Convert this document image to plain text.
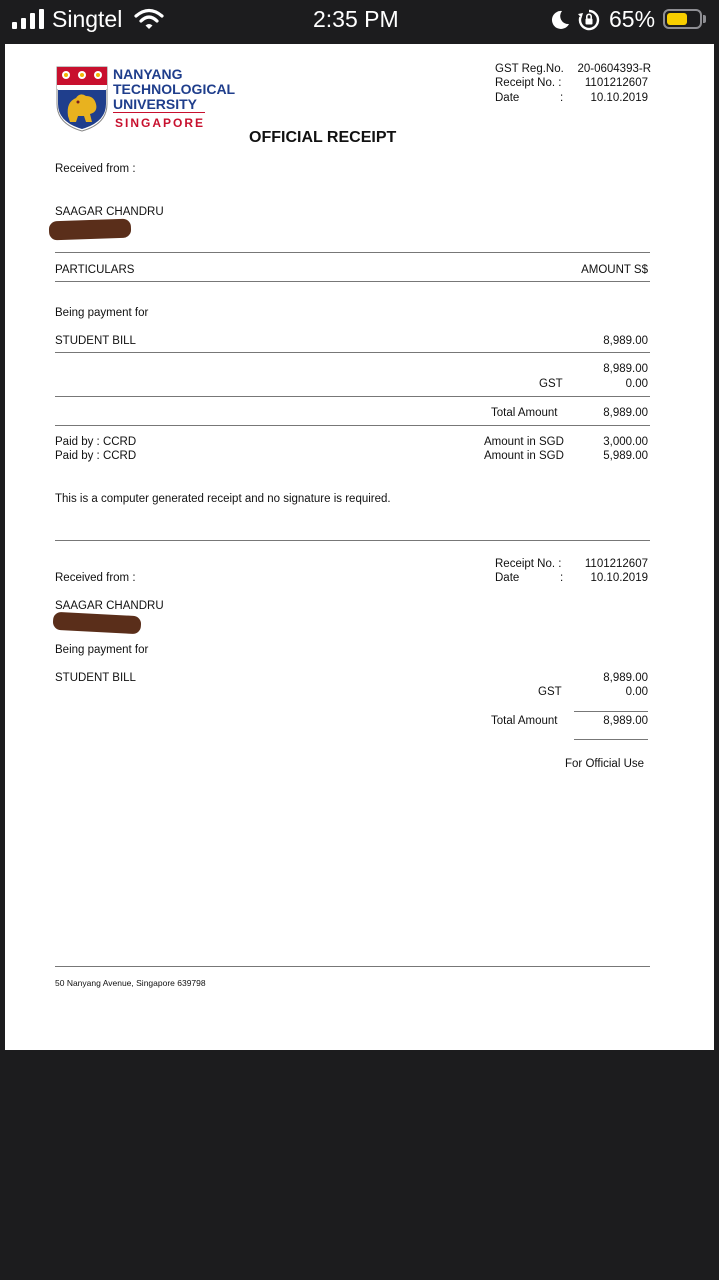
Singtel	2:35 PM	65%
NANYANG
TECHNOLOGICAL
UNIVERSITY
SINGAPORE
GST Reg.No.	20-0604393-R
Receipt No. :	1101212607
Date	:	10.10.2019
OFFICIAL RECEIPT
Received from :
SAAGAR CHANDRU
PARTICULARS	AMOUNT S$
Being payment for
STUDENT BILL	8,989.00
8,989.00
GST	0.00
Total Amount	8,989.00
Paid by : CCRD	Amount in SGD	3,000.00
Paid by : CCRD	Amount in SGD	5,989.00
This is a computer generated receipt and no signature is required.
Receipt No. :	1101212607
Date	:	10.10.2019
Received from :
SAAGAR CHANDRU
Being payment for
STUDENT BILL	8,989.00
GST	0.00
Total Amount	8,989.00
For Official Use
50 Nanyang Avenue, Singapore 639798
